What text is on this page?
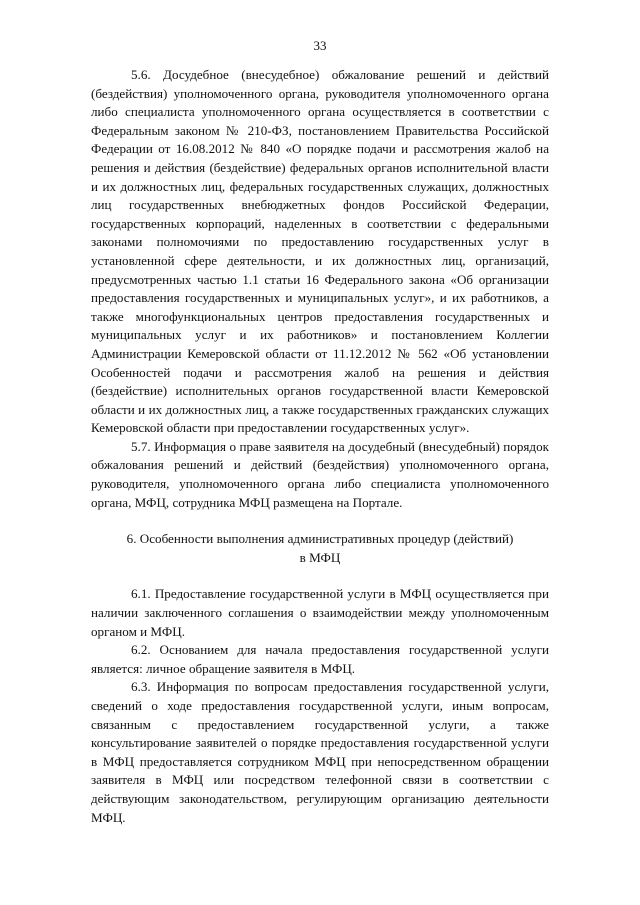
33

5.6. Досудебное (внесудебное) обжалование решений и действий (бездействия) уполномоченного органа, руководителя уполномоченного органа либо специалиста уполномоченного органа осуществляется в соответствии с Федеральным законом № 210-ФЗ, постановлением Правительства Российской Федерации от 16.08.2012 № 840 «О порядке подачи и рассмотрения жалоб на решения и действия (бездействие) федеральных органов исполнительной власти и их должностных лиц, федеральных государственных служащих, должностных лиц государственных внебюджетных фондов Российской Федерации, государственных корпораций, наделенных в соответствии с федеральными законами полномочиями по предоставлению государственных услуг в установленной сфере деятельности, и их должностных лиц, организаций, предусмотренных частью 1.1 статьи 16 Федерального закона «Об организации предоставления государственных и муниципальных услуг», и их работников, а также многофункциональных центров предоставления государственных и муниципальных услуг и их работников» и постановлением Коллегии Администрации Кемеровской области от 11.12.2012 № 562 «Об установлении Особенностей подачи и рассмотрения жалоб на решения и действия (бездействие) исполнительных органов государственной власти Кемеровской области и их должностных лиц, а также государственных гражданских служащих Кемеровской области при предоставлении государственных услуг».

5.7. Информация о праве заявителя на досудебный (внесудебный) порядок обжалования решений и действий (бездействия) уполномоченного органа, руководителя, уполномоченного органа либо специалиста уполномоченного органа, МФЦ, сотрудника МФЦ размещена на Портале.

6. Особенности выполнения административных процедур (действий)
в МФЦ

6.1. Предоставление государственной услуги в МФЦ осуществляется при наличии заключенного соглашения о взаимодействии между уполномоченным органом и МФЦ.

6.2. Основанием для начала предоставления государственной услуги является: личное обращение заявителя в МФЦ.

6.3. Информация по вопросам предоставления государственной услуги, сведений о ходе предоставления государственной услуги, иным вопросам, связанным с предоставлением государственной услуги, а также консультирование заявителей о порядке предоставления государственной услуги в МФЦ предоставляется сотрудником МФЦ при непосредственном обращении заявителя в МФЦ или посредством телефонной связи в соответствии с действующим законодательством, регулирующим организацию деятельности МФЦ.
